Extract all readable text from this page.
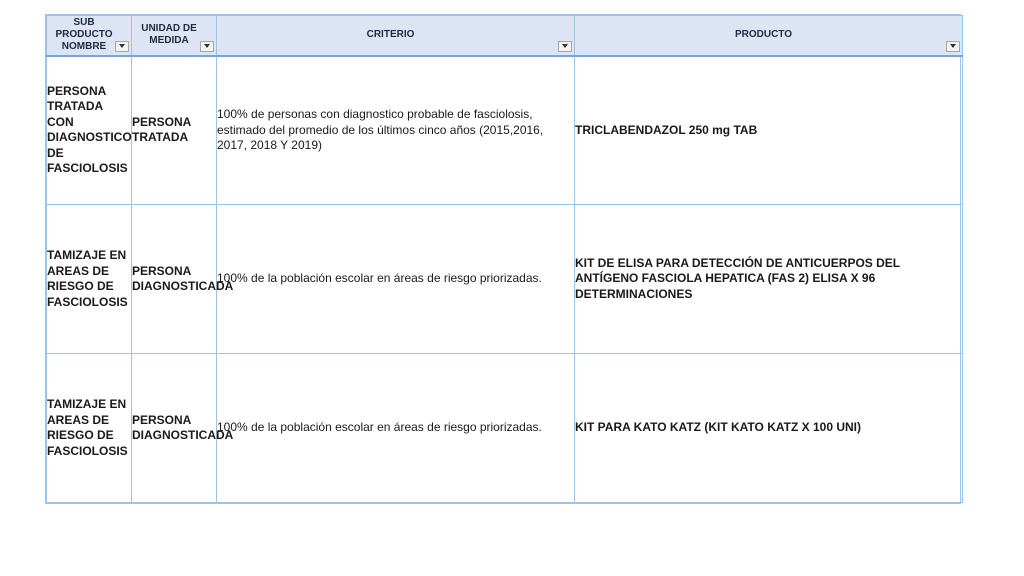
SUB PRODUCTO NOMBRE	UNIDAD DE MEDIDA	CRITERIO	PRODUCTO

PERSONA TRATADA CON DIAGNOSTICO DE FASCIOLOSIS	PERSONA TRATADA	100% de personas con diagnostico probable de fasciolosis, estimado del promedio de los últimos cinco años (2015,2016, 2017, 2018 Y 2019)	TRICLABENDAZOL 250 mg TAB
TAMIZAJE EN AREAS DE RIESGO DE FASCIOLOSIS	PERSONA DIAGNOSTICADA	100% de la población escolar en áreas de riesgo priorizadas.	KIT DE ELISA PARA DETECCIÓN DE ANTICUERPOS DEL ANTÍGENO FASCIOLA HEPATICA (FAS 2) ELISA X 96 DETERMINACIONES
TAMIZAJE EN AREAS DE RIESGO DE FASCIOLOSIS	PERSONA DIAGNOSTICADA	100% de la población escolar en áreas de riesgo priorizadas.	KIT PARA KATO KATZ (KIT KATO KATZ X 100 UNI)
